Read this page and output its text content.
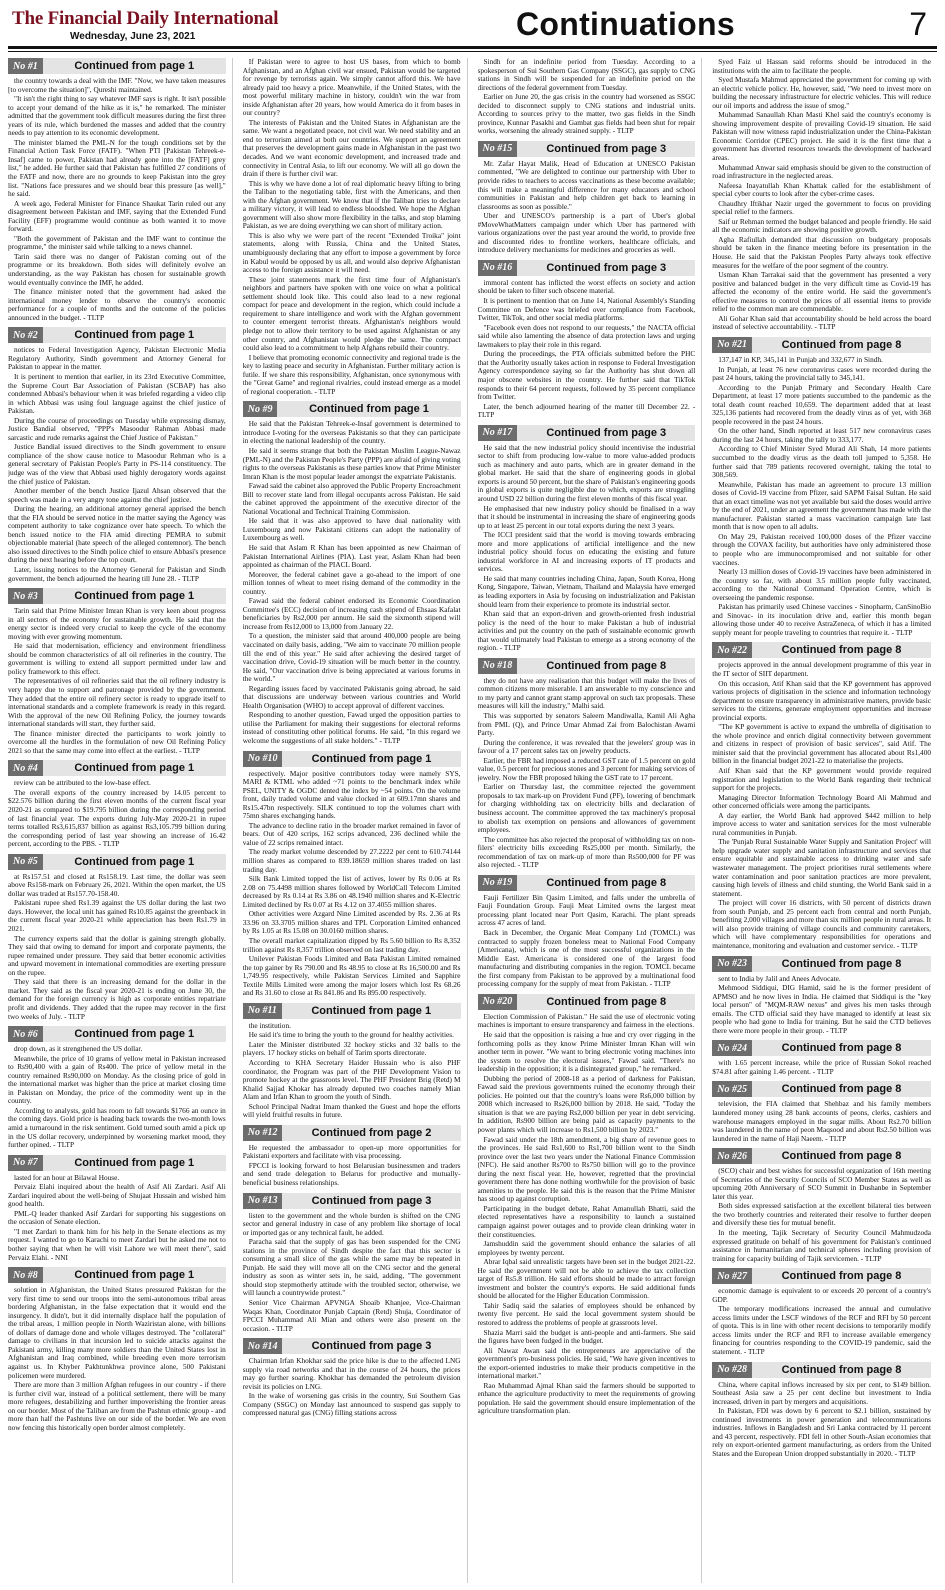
The Financial Daily International
Wednesday, June 23, 2021	Continuations	7
No #1	Continued from page 1

the country towards a deal with the IMF. "Now, we have taken measures [to overcome the situation]", Qureshi maintained.

"It isn't the right thing to say whatever IMF says is right. It isn't possible to accept your demand of the hike as it is," he remarked. The minister admitted that the government took difficult measures during the first three years of its rule, which burdened the masses and added that the country needs to pay attention to its economic development.

The minister blamed the PML-N for the tough conditions set by the Financial Action Task Force (FATF). "When PTI [Pakistan Tehreek-e-Insaf] came to power, Pakistan had already gone into the [FATF] grey list," he added. He further said that Pakistan has fulfilled 27 conditions of the FATF and now, there are no grounds to keep Pakistan into the grey list. "Nations face pressures and we should bear this pressure [as well]," he said.

A week ago, Federal Minister for Finance Shaukat Tarin ruled out any disagreement between Pakistan and IMF, saying that the Extended Fund Facility (EFF) programme would continue as both wanted it to move forward.

"Both the government of Pakistan and the IMF want to continue the programme," the minister said while talking to a news channel.

Tarin said there was no danger of Pakistan coming out of the programme or its breakdown. Both sides will definitely evolve an understanding, as the way Pakistan has chosen for sustainable growth would eventually convince the IMF, he added.

The finance minister noted that the government had asked the international money lender to observe the country's economic performance for a couple of months and the outcome of the policies announced in the budget. - TLTP

No #2	Continued from page 1

notices to Federal Investigation Agency, Pakistan Electronic Media Regulatory Authority, Sindh government and Attorney General for Pakistan to appear in the matter.

It is pertinent to mention that earlier, in its 23rd Executive Committee, the Supreme Court Bar Association of Pakistan (SCBAP) has also condemned Abbasi's behaviour when it was briefed regarding a video clip in which Abbasi was using foul language against the chief justice of Pakistan.

During the course of proceedings on Tuesday while expressing dismay, Justice Bandial observed, "PPP's Masoodur Rahman Abbasi made sarcastic and rude remarks against the Chief Justice of Pakistan."

Justice Bandial issued directives to the Sindh government to ensure compliance of the show cause notice to Masoodur Rehman who is a general secretary of Pakistan People's Party in PS-114 constituency. The judge was of the view that Abbasi used highly derogatory words against the chief justice of Pakistan.

Another member of the bench Justice Ijazul Ahsan observed that the speech was made in a very angry tone against the chief justice.

During the hearing, an additional attorney general apprised the bench that the FIA should be served notice in the matter saying the Agency was competent authority to take cognizance over hate speech. To which the bench issued notice to the FIA amid directing PEMRA to submit objectionable material (hate speech of the alleged contemnor). The bench also issued directives to the Sindh police chief to ensure Abbasi's presence during the next hearing before the top court.

Later, issuing notices to the Attorney General for Pakistan and Sindh government, the bench adjourned the hearing till June 28. - TLTP

No #3	Continued from page 1

Tarin said that Prime Minister Imran Khan is very keen about progress in all sectors of the economy for sustainable growth. He said that the energy sector is indeed very crucial to keep the cycle of the economy moving with ever growing momentum.

He said that modernisation, efficiency and environment friendliness should be common characteristics of all oil refineries in the country. The government is willing to extend all support permitted under law and policy framework to this effect.

The representatives of oil refineries said that the oil refinery industry is very happy due to support and patronage provided by the government. They added that the entire oil refinery sector is ready to upgrade itself to international standards and a complete framework is ready in this regard. With the approval of the new Oil Refining Policy, the journey towards international standards will start, they further said.

The finance minister directed the participants to work jointly to overcome all the hurdles in the formulation of new Oil Refining Policy 2021 so that the same may come into effect at the earliest. - TLTP

No #4	Continued from page 1

review can be attributed to the low-base effect.

The overall exports of the country increased by 14.05 percent to $22.576 billion during the first eleven months of the current fiscal year 2020-21 as compared to $19.795 billion during the corresponding period of last financial year. The exports during July-May 2020-21 in rupee terms totalled Rs3,615,837 billion as against Rs3,105.799 billion during the corresponding period of last year showing an increase of 16.42 percent, according to the PBS. - TLTP

No #5	Continued from page 1

at Rs157.51 and closed at Rs158.19. Last time, the dollar was seen above Rs158-mark on February 26, 2021. Within the open market, the US dollar was traded at Rs157.70-158.40.

Pakistani rupee shed Rs1.39 against the US dollar during the last two days. However, the local unit has gained Rs10.85 against the greenback in the current fiscal year 2020-21 while appreciation has been Rs1.79 in 2021.

The currency experts said that the dollar is gaining strength globally. They said that owing to demand for import and corporate payments, the rupee remained under pressure. They said that better economic activities and upward movement in international commodities are exerting pressure on the rupee.

They said that there is an increasing demand for the dollar in the market. They said as the fiscal year 2020-21 is ending on June 30, the demand for the foreign currency is high as corporate entities repatriate profit and dividends. They added that the rupee may recover in the first two weeks of July. - TLTP

No #6	Continued from page 1

drop down, as it strengthened the US dollar.

Meanwhile, the price of 10 grams of yellow metal in Pakistan increased to Rs90,400 with a gain of Rs400. The price of yellow metal in the country remained Rs90,000 on Monday. As the closing price of gold in the international market was higher than the price at market closing time in Pakistan on Monday, the price of the commodity went up in the country.

According to analysts, gold has room to fall towards $1766 an ounce in the coming days. Gold price is heading back towards the two-month lows amid a turnaround in the risk sentiment. Gold turned south amid a pick up in the US dollar recovery, underpinned by worsening market mood, they further opined. - TLTP

No #7	Continued from page 1

lasted for an hour at Bilawal House.

Pervaiz Elahi inquired about the health of Asif Ali Zardari. Asif Ali Zardari inquired about the well-being of Shujaat Hussain and wished him good health.

PML-Q leader thanked Asif Zardari for supporting his suggestions on the occasion of Senate election.

"I met Zardari to thank him for his help in the Senate elections as my request. I wanted to go to Karachi to meet Zardari but he asked me not to bother saying that when he will visit Lahore we will meet there", said Pervaiz Elahi. - NNI

No #8	Continued from page 1

solution in Afghanistan, the United States pressured Pakistan for the very first time to send our troops into the semi-autonomous tribal areas bordering Afghanistan, in the false expectation that it would end the insurgency. It didn't, but it did internally displace half the population of the tribal areas, 1 million people in North Waziristan alone, with billions of dollars of damage done and whole villages destroyed. The "collateral" damage to civilians in that incursion led to suicide attacks against the Pakistani army, killing many more soldiers than the United States lost in Afghanistan and Iraq combined, while breeding even more terrorism against us. In Khyber Pakhtunkhwa province alone, 500 Pakistani policemen were murdered.

There are more than 3 million Afghan refugees in our country - if there is further civil war, instead of a political settlement, there will be many more refugees, destabilizing and further impoverishing the frontier areas on our border. Most of the Taliban are from the Pashtun ethnic group - and more than half the Pashtuns live on our side of the border. We are even now fencing this historically open border almost completely.

If Pakistan were to agree to host US bases, from which to bomb Afghanistan, and an Afghan civil war ensued, Pakistan would be targeted for revenge by terrorists again. We simply cannot afford this. We have already paid too heavy a price. Meanwhile, if the United States, with the most powerful military machine in history, couldn't win the war from inside Afghanistan after 20 years, how would America do it from bases in our country?

The interests of Pakistan and the United States in Afghanistan are the same. We want a negotiated peace, not civil war. We need stability and an end to terrorism aimed at both our countries. We support an agreement that preserves the development gains made in Afghanistan in the past two decades. And we want economic development, and increased trade and connectivity in Central Asia, to lift our economy. We will all go down the drain if there is further civil war.

This is why we have done a lot of real diplomatic heavy lifting to bring the Taliban to the negotiating table, first with the Americans, and then with the Afghan government. We know that if the Taliban tries to declare a military victory, it will lead to endless bloodshed. We hope the Afghan government will also show more flexibility in the talks, and stop blaming Pakistan, as we are doing everything we can short of military action.

This is also why we were part of the recent "Extended Troika" joint statements, along with Russia, China and the United States, unambiguously declaring that any effort to impose a government by force in Kabul would be opposed by us all, and would also deprive Afghanistan access to the foreign assistance it will need.

These joint statements mark the first time four of Afghanistan's neighbors and partners have spoken with one voice on what a political settlement should look like. This could also lead to a new regional compact for peace and development in the region, which could include a requirement to share intelligence and work with the Afghan government to counter emergent terrorist threats. Afghanistan's neighbors would pledge not to allow their territory to be used against Afghanistan or any other country, and Afghanistan would pledge the same. The compact could also lead to a commitment to help Afghans rebuild their country.

I believe that promoting economic connectivity and regional trade is the key to lasting peace and security in Afghanistan. Further military action is futile. If we share this responsibility, Afghanistan, once synonymous with the "Great Game" and regional rivalries, could instead emerge as a model of regional cooperation. - TLTP

No #9	Continued from page 1

He said that the Pakistan Tehreek-e-Insaf government is determined to introduce I-voting for the overseas Pakistanis so that they can participate in electing the national leadership of the country.

He said it seems strange that both the Pakistan Muslim League-Nawaz (PML-N) and the Pakistan People's Party (PPP) are afraid of giving voting rights to the overseas Pakistanis as these parties know that Prime Minister Imran Khan is the most popular leader amongst the expatriate Pakistanis.

Fawad said the cabinet also approved the Public Property Encroachment Bill to recover state land from illegal occupants across Pakistan. He said the cabinet approved the appointment of the executive director of the National Vocational and Technical Training Commission.

He said that it was also approved to have dual nationality with Luxembourg and now Pakistani citizens can adopt the nationality of Luxembourg as well.

He said that Aslam R Khan has been appointed as new Chairman of Pakistan International Airlines (PIA). Last year, Aslam Khan had been appointed as chairman of the PIACL Board.

Moreover, the federal cabinet gave a go-ahead to the import of one million tonnes of wheat to meet rising demand of the commodity in the country.

Fawad said the federal cabinet endorsed its Economic Coordination Committee's (ECC) decision of increasing cash stipend of Ehsaas Kafalat beneficiaries by Rs2,000 per annum. He said the sixmonth stipend will increase from Rs12,000 to 13,000 from January 22.

To a question, the minister said that around 400,000 people are being vaccinated on daily basis, adding, "We aim to vaccinate 70 million people till the end of this year." He said after achieving the desired target of vaccination drive, Covid-19 situation will be much better in the country. He said, "Our vaccination drive is being appreciated at various forums in the world."

Regarding issues faced by vaccinated Pakistanis going abroad, he said that discussions are underway between various countries and World Health Organisation (WHO) to accept approval of different vaccines.

Responding to another question, Fawad urged the opposition parties to utilise the Parliament for making their suggestions for electoral reforms instead of constituting other political forums. He said, "In this regard we welcome the suggestions of all stake holders." - TLTP

No #10	Continued from page 1

respectively. Major positive contributors today were namely SYS, MARI & KTML who added ~71 points to the benchmark index while PSEL, UNITY & OGDC dented the index by ~54 points. On the volume front, daily traded volume and value clocked in at 609.17mn shares and Rs15.47bn respectively. SILK continued to top the volumes chart with 75mn shares exchanging hands.

The advance to decline ratio in the broader market remained in favor of bears. Out of 420 scrips, 162 scrips advanced, 236 declined while the value of 22 scrips remained intact.

The ready market volume descended by 27.2222 per cent to 610.74144 million shares as compared to 839.18659 million shares traded on last trading day.

Silk Bank Limited topped the list of actives, lower by Rs 0.06 at Rs 2.08 on 75.4498 million shares followed by WorldCall Telecom Limited decreased by Rs 0.14 at Rs 3.86 on 48.1940 million shares and K-Electric Limited declined by Rs 0.07 at Rs 4.12 on 37.4055 million shares.

Other activities were Azgard Nine Limited ascended by Rs. 2.36 at Rs 33.96 on 33.3705 million shares and TPL Corporation Limited enhanced by Rs 1.05 at Rs 15.08 on 30.0160 million shares.

The overall market capitalization dipped by Rs 5.60 billion to Rs 8,352 trillion against Rs 8,357 trillion observed on last trading day.

Unilever Pakistan Foods Limited and Bata Pakistan Limited remained the top gainer by Rs 790.00 and Rs 48.95 to close at Rs 16,500.00 and Rs 1,749.95 respectively, while Pakistan Services Limited and Sapphire Textile Mills Limited were among the major losers which lost Rs 68.26 and Rs 31.60 to close at Rs 841.86 and Rs 895.00 respectively.

No #11	Continued from page 1

the institution.

He said it's time to bring the youth to the ground for healthy activities.

Later the Minister distributed 32 hockey sticks and 32 balls to the players. 17 hockey sticks on behalf of Tarim sports directorate.

According to KHA Secretary Haider Hussain who is also PHF coordinator, the Program was part of the PHF Development Vision to promote hockey at the grassroots level. The PHF President Brig (Retd) M Khalid Sajjad Khokar has already deputed two coaches namely Mian Alam and Irfan Khan to groom the youth of Sindh.

School Principal Nadrat Imam thanked the Guest and hope the efforts will yield fruitful results in future.

No #12	Continued from page 2

He requested the ambassador to open-up more opportunities for Pakistani exporters and facilitate with visa processing.

FPCCI is looking forward to host Belarusian businessmen and traders and send trade delegation to Belarus for productive and mutually-beneficial business relationships.

No #13	Continued from page 3

listen to the government and the whole burden is shifted on the CNG sector and general industry in case of any problem like shortage of local or imported gas or any technical fault, he added.

Paracha said that the supply of gas has been suspended for the CNG stations in the province of Sindh despite the fact that this sector is consuming a small slice of the gas while the same may be repeated in Punjab. He said they will move all on the CNG sector and the general industry as soon as winter sets in, he said, adding, "The government should stop stepmotherly attitude with the troubled sector, otherwise, we will launch a countrywide protest."

Senior Vice Chairman APVNGA Shoaib Khanjee, Vice-Chairman Waqas Khan, Coordinator Punjab Captain (Retd) Shuja, Coordinator of FPCCI Muhammad Ali Mian and others were also present on the occasion. - TLTP

No #14	Continued from page 3

Chairman Irfan Khokhar said the price hike is due to the affected LNG supply via road networks and that in the course of 24 hours, the prices may go further soaring. Khokhar has demanded the petroleum division revisit its policies on LNG.

In the wake of worsening gas crisis in the country, Sui Southern Gas Company (SSGC) on Monday last announced to suspend gas supply to compressed natural gas (CNG) filling stations across

Sindh for an indefinite period from Tuesday. According to a spokesperson of Sui Southern Gas Company (SSGC), gas supply to CNG stations in Sindh will be suspended for an indefinite period on the directions of the federal government from Tuesday.

Earlier on June 20, the gas crisis in the country had worsened as SSGC decided to disconnect supply to CNG stations and industrial units. According to sources privy to the matter, two gas fields in the Sindh province, Kunnar Pasakhi and Gambat gas fields had been shut for repair works, worsening the already strained supply. - TLTP

No #15	Continued from page 3

Mr. Zafar Hayat Malik, Head of Education at UNESCO Pakistan commented, "We are delighted to continue our partnership with Uber to provide rides to teachers to access vaccinations as these become available; this will make a meaningful difference for many educators and school communities in Pakistan and help children get back to learning in classrooms as soon as possible."

Uber and UNESCO's partnership is a part of Uber's global #MoveWhatMatters campaign under which Uber has partnered with various organizations over the past year around the world, to provide free and discounted rides to frontline workers, healthcare officials, and introduce delivery mechanisms for medicines and groceries as well.

No #16	Continued from page 3

immoral content has inflicted the worst effects on society and action should be taken to filter such obscene material.

It is pertinent to mention that on June 14, National Assembly's Standing Committee on Defence was briefed over compliance from Facebook, Twitter, TikTok, and other social media platforms.

"Facebook even does not respond to our requests," the NACTA official said while also lamenting the absence of data protection laws and urging lawmakers to play their role in this regard.

During the proceedings, the PTA officials submitted before the PHC that the Authority usually takes action in response to Federal Investigation Agency correspondence saying so far the Authority has shut down all major obscene websites in the country. He further said that TikTok responds to their 64 percent requests, followed by 35 percent compliance from Twitter.

Later, the bench adjourned hearing of the matter till December 22. - TLTP

No #17	Continued from page 3

He said that the new industrial policy should incentivise the industrial sector to shift from producing low-value to more value-added products such as machinery and auto parts, which are in greater demand in the global market. He said that the share of engineering goods in global exports is around 50 percent, but the share of Pakistan's engineering goods in global exports is quite negligible due to which, exports are struggling around USD 22 billion during the first eleven months of this fiscal year.

He emphasised that new industry policy should be finalised in a way that it should be instrumental in increasing the share of engineering goods up to at least 25 percent in our total exports during the next 3 years.

The ICCI president said that the world is moving towards embracing more and more applications of artificial intelligence and the new industrial policy should focus on educating the existing and future industrial workforce in AI and increasing exports of IT products and services.

He said that many countries including China, Japan, South Korea, Hong Kong, Singapore, Taiwan, Vietnam, Thailand and Malaysia have emerged as leading exporters in Asia by focusing on industrialization and Pakistan should learn from their experience to promote its industrial sector.

Khan said that an export-driven and growth-oriented fresh industrial policy is the need of the hour to make Pakistan a hub of industrial activities and put the country on the path of sustainable economic growth that would ultimately lead Pakistan to emerge as a strong economy of the region. - TLTP

No #18	Continued from page 8

they do not have any realisation that this budget will make the lives of common citizens more miserable. I am answerable to my conscience and to my party and cannot grant stamp approval on such tax proposals. These measures will kill the industry," Malhi said.

This was supported by senators Saleem Mandiwalla, Kamil Ali Agha from PML (Q), and Prince Umar Ahmad Zai from Balochistan Awami Party.

During the conference, it was revealed that the jewelers' group was in favour of a 17 percent sales tax on jewelry products.

Earlier, the FBR had imposed a reduced GST rate of 1.5 percent on gold value, 0.5 percent for precious stones and 3 percent for making services of jewelry. Now the FBR proposed hiking the GST rate to 17 percent.

Earlier on Thursday last, the committee rejected the government proposals to tax mark-up on Provident Fund (PF), lowering of benchmark for charging withholding tax on electricity bills and declaration of business account. The committee approved the tax machinery's proposal to abolish tax exemption on pensions and allowances of government employees.

The committee has also rejected the proposal of withholding tax on non-filers' electricity bills exceeding Rs25,000 per month. Similarly, the recommendation of tax on mark-up of more than Rs500,000 for PF was also rejected. - TLTP

No #19	Continued from page 8

Fauji Fertilizer Bin Qasim Limited, and falls under the umbrella of Fauji Foundation Group. Fauji Meat Limited owns the largest meat processing plant located near Port Qasim, Karachi. The plant spreads across 47 acres of land.

Back in December, the Organic Meat Company Ltd (TOMCL) was contracted to supply frozen boneless meat to National Food Company (Americana), which is one of the most successful organizations in the Middle East. Americana is considered one of the largest food manufacturing and distributing companies in the region. TOMCL became the first company from Pakistan to be approved by a multinational food processing company for the supply of meat from Pakistan. - TLTP

No #20	Continued from page 8

Election Commission of Pakistan." He said the use of electronic voting machines is important to ensure transparency and fairness in the elections.

He said that the opposition is raising a hue and cry over rigging in the forthcoming polls as they know Prime Minister Imran Khan will win another term in power. "We want to bring electronic voting machines into the system to resolve the electoral issues," Fawad said. "There's no leadership in the opposition; it is a disintegrated group," he remarked.

Dubbing the period of 2008-18 as a period of darkness for Pakistan, Fawad said the previous governments ruined the economy through their policies. He pointed out that the country's loans were Rs6,000 billion by 2008 which increased to Rs26,000 billion by 2018. He said, "Today the situation is that we are paying Rs2,000 billion per year in debt servicing. In addition, Rs900 billion are being paid as capacity payments to the power plants which will increase to Rs1,500 billion by 2023."

Fawad said under the 18th amendment, a big share of revenue goes to the provinces. He said Rs1,600 to Rs1,700 billion went to the Sindh province over the last two years under the National Finance Commission (NFC). He said another Rs700 to Rs750 billion will go to the province during the next fiscal year. He, however, regretted that the provincial government there has done nothing worthwhile for the provision of basic amenities to the people. He said this is the reason that the Prime Minister has stood up against corruption.

Participating in the budget debate, Rahat Amanullah Bhatti, said the elected representatives have a responsibility to launch a sustained campaign against power outages and to provide clean drinking water in their constituencies.

Jamshuddin said the government should enhance the salaries of all employees by twenty percent.

Abrar Iqbal said unrealistic targets have been set in the budget 2021-22. He said the government will not be able to achieve the tax collection target of Rs5.8 trillion. He said efforts should be made to attract foreign investment and bolster the country's exports. He said additional funds should be allocated for the Higher Education Commission.

Tahir Sadiq said the salaries of employees should be enhanced by twenty five percent. He said the local government system should be restored to address the problems of people at grassroots level.

Shazia Marri said the budget is anti-people and anti-farmers. She said the figures have been fudged in the budget.

Ali Nawaz Awan said the entrepreneurs are appreciative of the government's pro-business policies. He said, "We have given incentives to the export-oriented industries to make their products competitive in the international market."

Rao Muhammad Ajmal Khan said the farmers should be supported to enhance the agriculture productivity to meet the requirements of growing population. He said the government should ensure implementation of the agriculture transformation plan.

Syed Faiz ul Hassan said reforms should be introduced in the institutions with the aim to facilitate the people.

Syed Mustafa Mahmud appreciated the government for coming up with an electric vehicle policy. He, however, said, "We need to invest more on building the necessary infrastructure for electric vehicles. This will reduce our oil imports and address the issue of smog."

Muhammad Sanaullah Khan Masti Khel said the country's economy is showing improvement despite of prevailing Covid-19 situation. He said Pakistan will now witness rapid industrialization under the China-Pakistan Economic Corridor (CPEC) project. He said it is the first time that a government has diverted resources towards the development of backward areas.

Muhammad Anwar said emphasis should be given to the construction of road infrastructure in the neglected areas.

Nafeesa Inayatullah Khan Khattak called for the establishment of special cyber courts to look after the cyber-crime cases.

Chaudhry Iftikhar Nazir urged the government to focus on providing special relief to the farmers.

Saif ur Rehman termed the budget balanced and people friendly. He said all the economic indicators are showing positive growth.

Agha Rafiullah demanded that discussion on budgetary proposals should be taken in the finance meeting before its presentation in the House. He said that the Pakistan Peoples Party always took effective measures for the welfare of the poor segment of the country.

Usman Khan Tarrakai said that the government has presented a very positive and balanced budget in the very difficult time as Covid-19 has affected the economy of the entire world. He said the government's effective measures to control the prices of all essential items to provide relief to the common man are commendable.

Ali Gohar Khan said that accountability should be held across the board instead of selective accountability. - TLTP

No #21	Continued from page 8

137,147 in KP, 345,141 in Punjab and 332,677 in Sindh.

In Punjab, at least 76 new coronavirus cases were recorded during the past 24 hours, taking the provincial tally to 345,141.

According to the Punjab Primary and Secondary Health Care Department, at least 17 more patients succumbed to the pandemic as the total death count reached 10,659. The department added that at least 325,136 patients had recovered from the deadly virus as of yet, with 368 people recovered in the past 24 hours.

On the other hand, Sindh reported at least 517 new coronavirus cases during the last 24 hours, taking the tally to 333,177.

According to Chief Minister Syed Murad Ali Shah, 14 more patients succumbed to the deadly virus as the death toll jumped to 5,358. He further said that 789 patients recovered overnight, taking the total to 308,569.

Meanwhile, Pakistan has made an agreement to procure 13 million doses of Covid-19 vaccine from Pfizer, said SAPM Faisal Sultan. He said that an exact timeline was not yet available but said the doses would arrive by the end of 2021, under an agreement the government has made with the manufacturer. Pakistan started a mass vaccination campaign late last month that is now open to all adults.

On May 29, Pakistan received 100,000 doses of the Pfizer vaccine through the COVAX facility, but authorities have only administered those to people who are immunocompromised and not suitable for other vaccines.

Nearly 13 million doses of Covid-19 vaccines have been administered in the country so far, with about 3.5 million people fully vaccinated, according to the National Command Operation Centre, which is overseeing the pandemic response.

Pakistan has primarily used Chinese vaccines - Sinopharm, CanSinoBio and Sinovac- in its inoculation drive and, earlier this month began allowing those under 40 to receive AstraZeneca, of which it has a limited supply meant for people traveling to countries that require it. - TLTP

No #22	Continued from page 8

projects approved in the annual development programme of this year in the IT sector of SIIT department.

On this occasion, Atif Khan said that the KP government has approved various projects of digitisation in the science and information technology department to ensure transparency in administrative matters, provide basic services to the citizens, generate employment opportunities and increase provincial exports.

"The KP government is active to expand the umbrella of digitisation to the whole province and enrich digital connectivity between government and citizens in respect of provision of basic services", said Atif. The minister said that the provincial government has allocated about Rs1,400 billion in the financial budget 2021-22 to materialise the projects.

Atif Khan said that the KP government would provide required registration and legislation to the World Bank regarding their technical support for the projects.

Managing Director Information Technology Board Ali Mahmud and other concerned officials were among the participants.

A day earlier, the World Bank had approved $442 million to help improve access to water and sanitation services for the most vulnerable rural communities in Punjab.

The 'Punjab Rural Sustainable Water Supply and Sanitation Project' will help upgrade water supply and sanitation infrastructure and services that ensure equitable and sustainable access to drinking water and safe wastewater management. The project prioritises rural settlements where water contamination and poor sanitation practices are more prevalent, causing high levels of illness and child stunting, the World Bank said in a statement.

The project will cover 16 districts, with 50 percent of districts drawn from south Punjab, and 25 percent each from central and north Punjab, benefiting 2,000 villages and more than six million people in rural areas. It will also provide training of village councils and community caretakers, which will have complementary responsibilities for operations and maintenance, monitoring and evaluation and customer service. - TLTP

No #23	Continued from page 8

sent to India by Jalil and Anees Advocate.

Mehmood Siddiqui, DIG Hamid, said he is the former president of APMSO and he now lives in India. He claimed that Siddiqui is the "key local person" of "MQM-RAW nexus" and gives his men tasks through emails. The CTD official said they have managed to identify at least six people who had gone to India for training. But he said the CTD believes there were more people in their group. - TLTP

No #24	Continued from page 8

with 1.65 percent increase, while the price of Russian Sokol reached $74.81 after gaining 1.46 percent. - TLTP

No #25	Continued from page 8

television, the FIA claimed that Shehbaz and his family members laundered money using 28 bank accounts of peons, clerks, cashiers and warehouse managers employed in the sugar mills. About Rs2.70 billion was laundered in the name of peon Maqsood and about Rs2.50 billion was laundered in the name of Haji Naeem. - TLTP

No #26	Continued from page 8

(SCO) chair and best wishes for successful organization of 16th meeting of Secretaries of the Security Councils of SCO Member States as well as upcoming 20th Anniversary of SCO Summit in Dushanbe in September later this year.

Both sides expressed satisfaction at the excellent bilateral ties between the two brotherly countries and reiterated their resolve to further deepen and diversify these ties for mutual benefit.

In the meeting, Tajik Secretary of Security Council Mahmudzoda expressed gratitude on behalf of his government for Pakistan's continued assistance in humanitarian and technical spheres including provision of training for capacity building of Tajik servicemen. - TLTP

No #27	Continued from page 8

economic damage is equivalent to or exceeds 20 percent of a country's GDP.

The temporary modifications increased the annual and cumulative access limits under the LSCF windows of the RCF and RFI by 50 percent of quota. This is in line with other recent decisions to temporarily modify access limits under the RCF and RFI to increase available emergency financing for countries responding to the COVID-19 pandemic, said the statement. - TLTP

No #28	Continued from page 8

China, where capital inflows increased by six per cent, to $149 billion. Southeast Asia saw a 25 per cent decline but investment to India increased, driven in part by mergers and acquisitions.

In Pakistan, FDI was down by 6 percent to $2.1 billion, sustained by continued investments in power generation and telecommunications industries. Inflows in Bangladesh and Sri Lanka contracted by 11 percent and 43 percent, respectively. FDI fell in other South-Asian economies that rely on export-oriented garment manufacturing, as orders from the United States and the European Union dropped substantially in 2020. - TLTP
